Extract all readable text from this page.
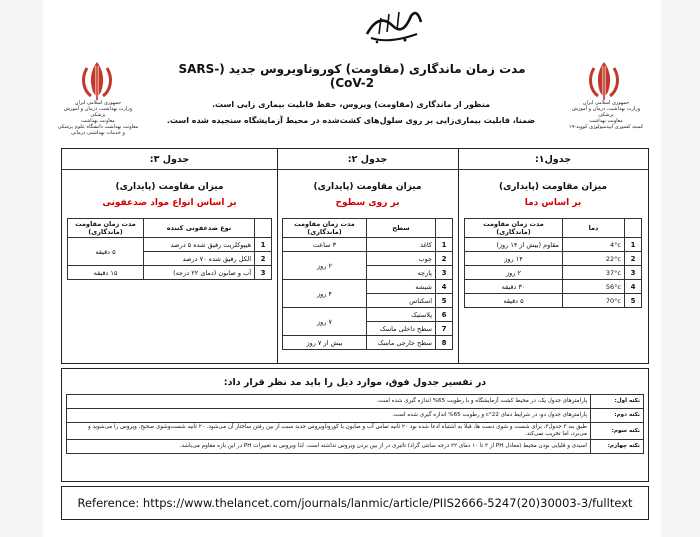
جمهوری اسلامی ایران
وزارت بهداشت، درمان و آموزش پزشکی
معاونت بهداشت
معاونت بهداشت دانشگاه علوم پزشکی و خدمات بهداشتی درمانی
جمهوری اسلامی ایران
وزارت بهداشت، درمان و آموزش پزشکی
معاونت بهداشت
کمیته کشوری اپیدمیولوژی کووید-۱۹
مدت زمان ماندگاری (مقاومت) کوروناویروس جدید (SARS-CoV-2)
منظور از ماندگاری (مقاومت) ویروس، حفظ قابلیت بیماری زایی است.
ضمنا، قابلیت بیماری‌زایی بر روی سلول‌های کشت‌شده در محیط آزمایشگاه سنجیده شده است.
جدول۱:
میزان مقاومت (پایداری)
بر اساس دما
	دما	مدت زمان مقاومت (ماندگاری)
1	4°c	مقاوم (بیش از ۱۴ روز)
2	22°c	۱۴ روز
3	37°c	۲ روز
4	56°c	۳۰ دقیقه
5	70°c	۵ دقیقه
جدول ۲:
میزان مقاومت (پایداری)
بر روی سطوح
	سطح	مدت زمان مقاومت (ماندگاری)
1	کاغذ	۳ ساعت
2	چوب	۲ روز
3	پارچه	
4	شیشه	۴ روز
5	اسکناس	
6	پلاستیک	۷ روز
7	سطح داخلی ماسک	
8	سطح خارجی ماسک	بیش از ۷ روز
جدول ۳:
میزان مقاومت (پایداری)
بر اساس انواع مواد ضدعفونی
	نوع ضدعفونی کننده	مدت زمان مقاومت (ماندگاری)
1	هیپوکلریت رقیق شده ۵ درصد	۵ دقیقه
2	الکل رقیق شده ۷۰ درصد	
3	آب و صابون (دمای ۲۲ درجه)	۱۵ دقیقه
در تفسیر جدول فوق، موارد ذیل را باید مد نظر قرار داد:
نکته اول:	پارامترهای جدول یک، در محیط کشت آزمایشگاه و با رطوبت 65% اندازه گیری شده است.
نکته دوم:	پارامترهای جدول دو، در شرایط دمای 22°c و رطوبت 65% اندازه گیری شده است.
نکته سوم:	طبق بند ۳ جدول۳، برای شست و شوی دست ها، قبلا به اشتباه ادعا شده بود ۲۰ ثانیه تماس آب و صابون با کوروناویروس جدید سبب از بین رفتن ساختار آن می‌شود. ۲۰ ثانیه شست‌وشوی صحیح، ویروس را می‌شوید و می‌برد، اما تخریب نمی‌کند.
نکته چهارم:	اسیدی و قلیایی بودن محیط (معادل PH از ۳ تا ۱۰ دمای ۲۲ درجه سانتی گراد) تاثیری در از بین بردن ویروس نداشته است. لذا ویروس به تغییرات PH در این بازه مقاوم می‌باشد.
Reference: https://www.thelancet.com/journals/lanmic/article/PIIS2666-5247(20)30003-3/fulltext
